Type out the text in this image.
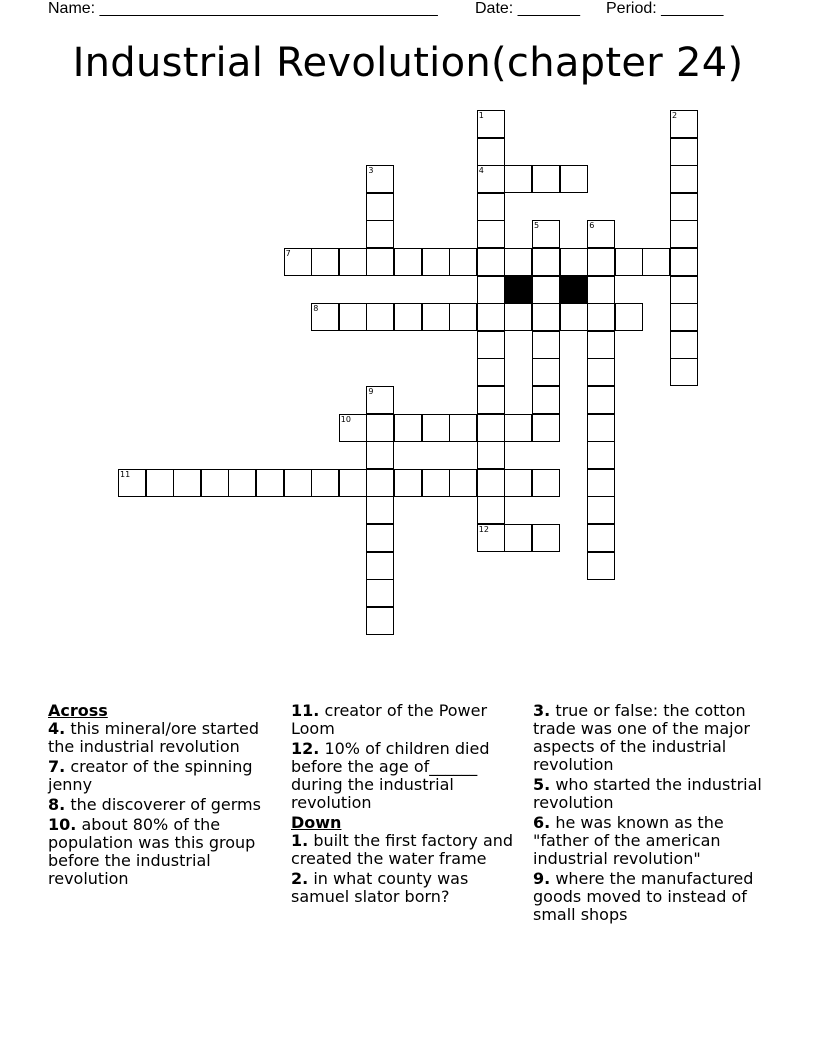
Name: ______________________________________ Date: _______ Period: _______
Industrial Revolution(chapter 24)
1	2
3	4
5	6
7
8
9
10
11
12
Across
4. this mineral/ore started the industrial revolution
7. creator of the spinning jenny
8. the discoverer of germs
10. about 80% of the population was this group before the industrial revolution
11. creator of the Power Loom
12. 10% of children died before the age of______ during the industrial revolution
Down
1. built the first factory and created the water frame
2. in what county was samuel slator born?
3. true or false: the cotton trade was one of the major aspects of the industrial revolution
5. who started the industrial revolution
6. he was known as the "father of the american industrial revolution"
9. where the manufactured goods moved to instead of small shops
